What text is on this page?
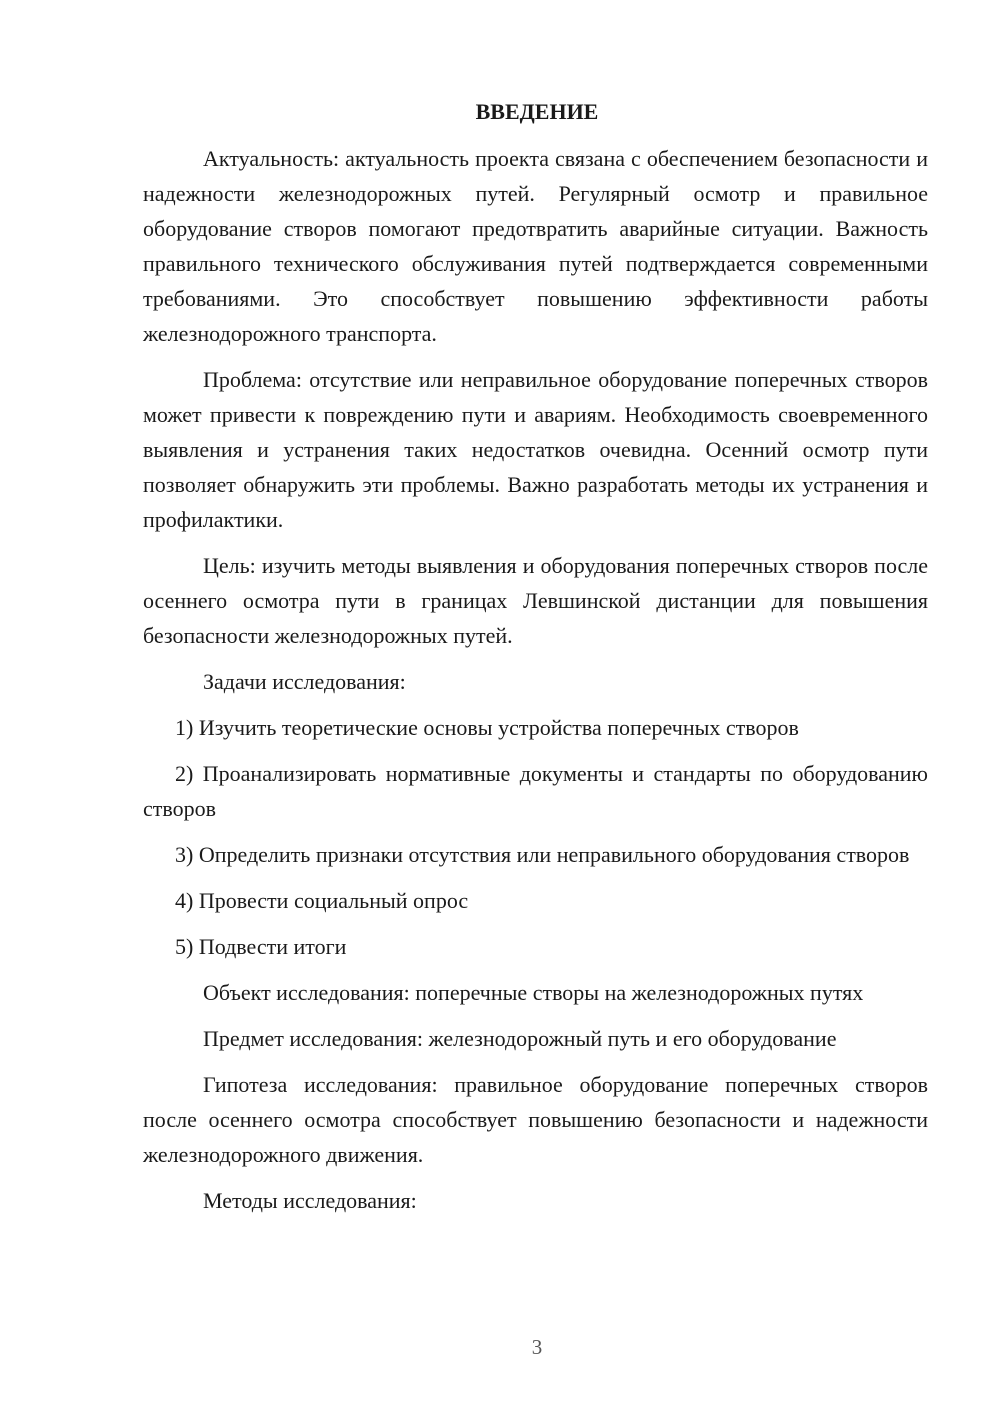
ВВЕДЕНИЕ

Актуальность: актуальность проекта связана с обеспечением безопасности и надежности железнодорожных путей. Регулярный осмотр и правильное оборудование створов помогают предотвратить аварийные ситуации. Важность правильного технического обслуживания путей подтверждается современными требованиями. Это способствует повышению эффективности работы железнодорожного транспорта.

Проблема: отсутствие или неправильное оборудование поперечных створов может привести к повреждению пути и авариям. Необходимость своевременного выявления и устранения таких недостатков очевидна. Осенний осмотр пути позволяет обнаружить эти проблемы. Важно разработать методы их устранения и профилактики.

Цель: изучить методы выявления и оборудования поперечных створов после осеннего осмотра пути в границах Левшинской дистанции для повышения безопасности железнодорожных путей.

Задачи исследования:

1) Изучить теоретические основы устройства поперечных створов

2) Проанализировать нормативные документы и стандарты по оборудованию створов

3) Определить признаки отсутствия или неправильного оборудования створов

4) Провести социальный опрос

5) Подвести итоги

Объект исследования: поперечные створы на железнодорожных путях

Предмет исследования: железнодорожный путь и его оборудование

Гипотеза исследования: правильное оборудование поперечных створов после осеннего осмотра способствует повышению безопасности и надежности железнодорожного движения.

Методы исследования:

3
